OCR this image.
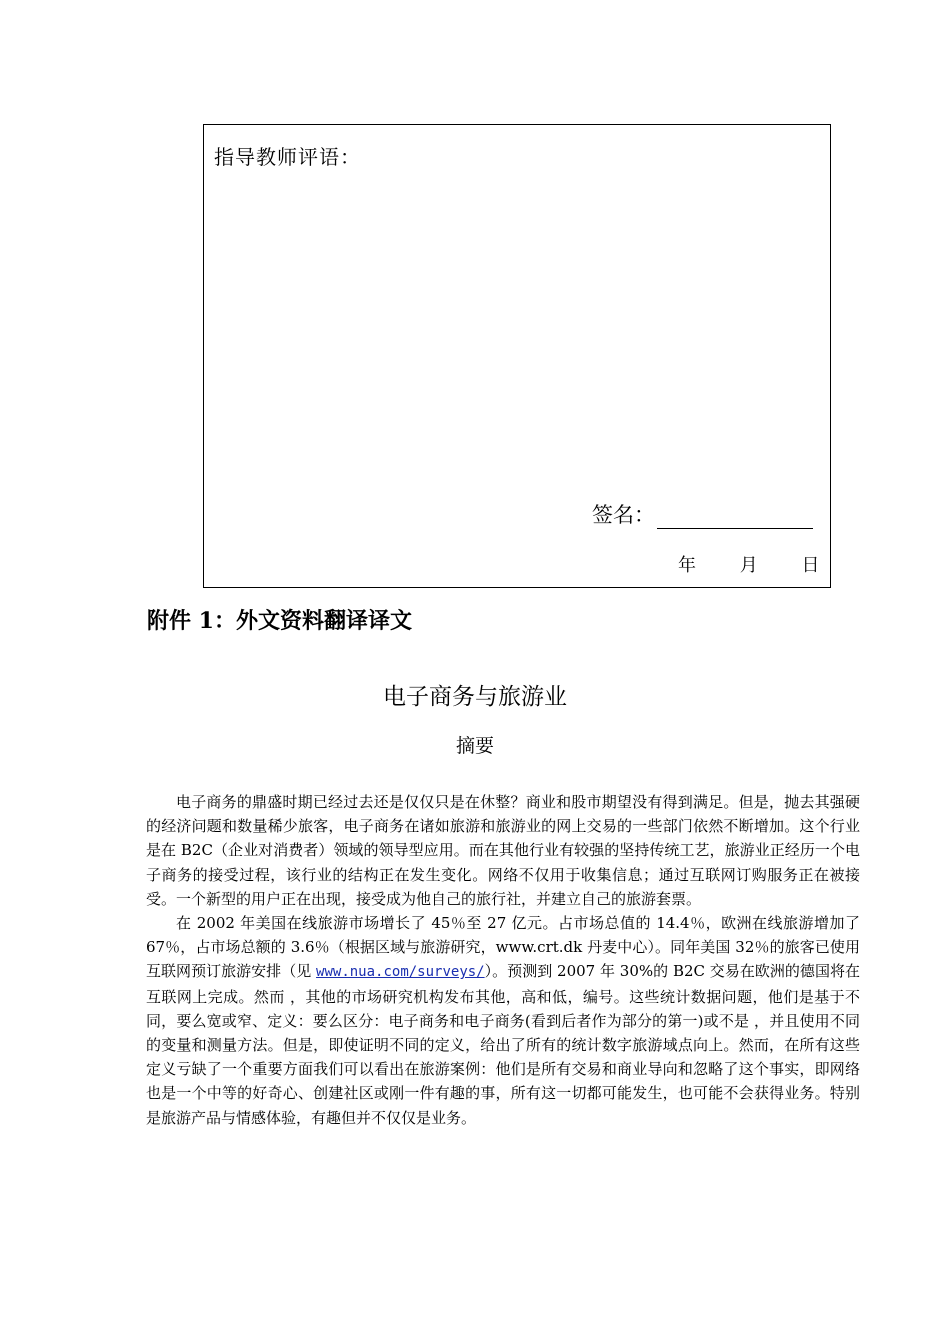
指导教师评语：
签名：
年 月 日
附件 1：外文资料翻译译文
电子商务与旅游业
摘要

电子商务的鼎盛时期已经过去还是仅仅只是在休整？商业和股市期望没有得到满足。但是，抛去其强硬的经济问题和数量稀少旅客，电子商务在诸如旅游和旅游业的网上交易的一些部门依然不断增加。这个行业是在 B2C（企业对消费者）领域的领导型应用。而在其他行业有较强的坚持传统工艺，旅游业正经历一个电子商务的接受过程，该行业的结构正在发生变化。网络不仅用于收集信息；通过互联网订购服务正在被接受。一个新型的用户正在出现，接受成为他自己的旅行社，并建立自己的旅游套票。

在 2002 年美国在线旅游市场增长了 45％至 27 亿元。占市场总值的 14.4％，欧洲在线旅游增加了 67％，占市场总额的 3.6％（根据区域与旅游研究，www.crt.dk 丹麦中心）。同年美国 32％的旅客已使用互联网预订旅游安排（见 www.nua.com/surveys/）。预测到 2007 年 30%的 B2C 交易在欧洲的德国将在互联网上完成。然而 ，其他的市场研究机构发布其他，高和低，编号。这些统计数据问题，他们是基于不同，要么宽或窄、定义：要么区分：电子商务和电子商务(看到后者作为部分的第一)或不是 ，并且使用不同的变量和测量方法。但是，即使证明不同的定义，给出了所有的统计数字旅游域点向上。然而，在所有这些定义亏缺了一个重要方面我们可以看出在旅游案例：他们是所有交易和商业导向和忽略了这个事实，即网络也是一个中等的好奇心、创建社区或刚一件有趣的事，所有这一切都可能发生，也可能不会获得业务。特别是旅游产品与情感体验，有趣但并不仅仅是业务。
